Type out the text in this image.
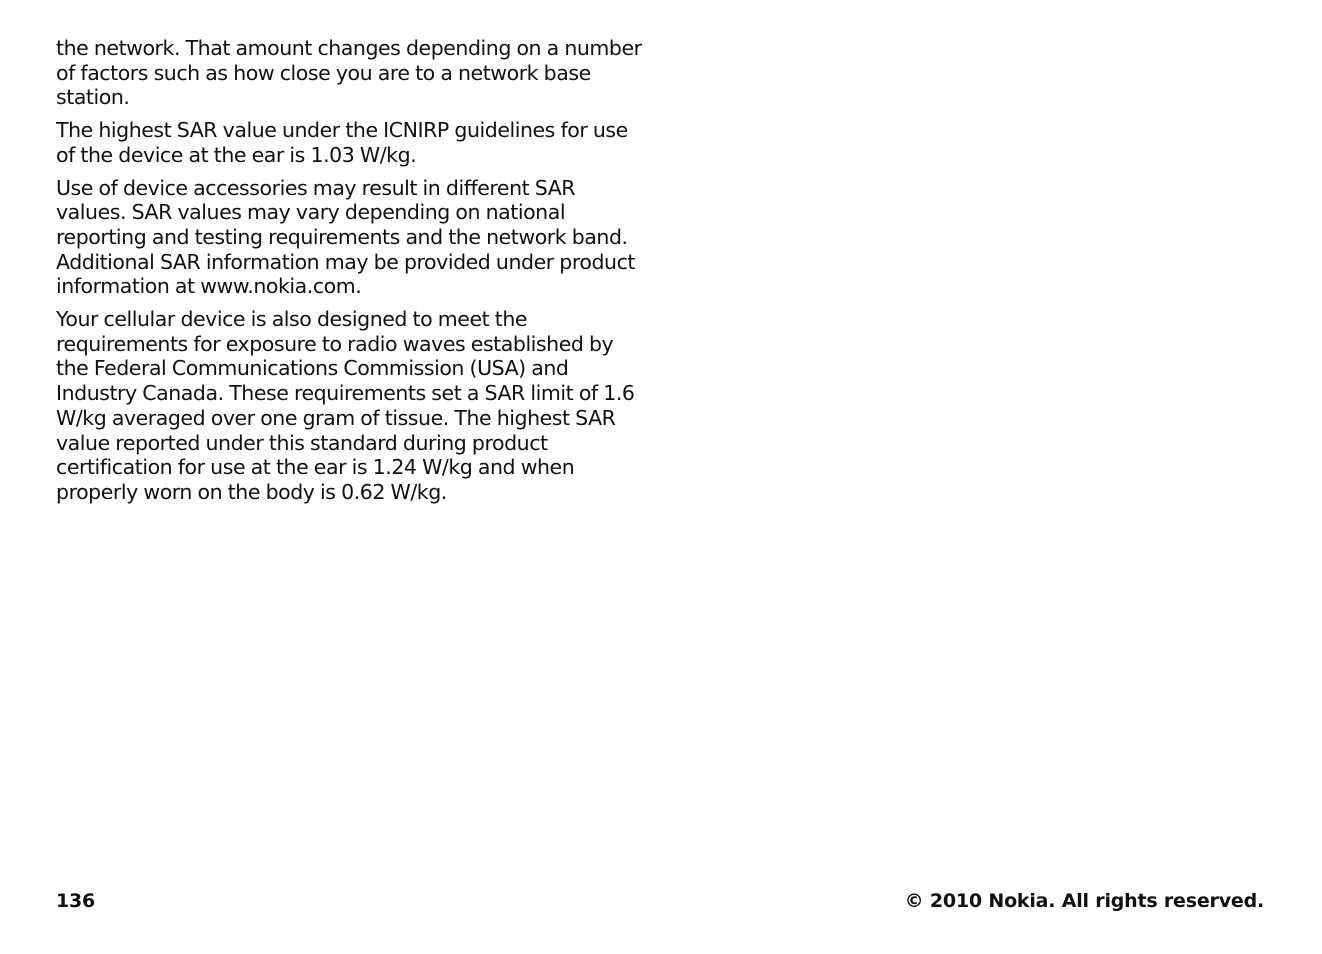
the network. That amount changes depending on a number of factors such as how close you are to a network base station.

The highest SAR value under the ICNIRP guidelines for use of the device at the ear is 1.03 W/kg.

Use of device accessories may result in different SAR values. SAR values may vary depending on national reporting and testing requirements and the network band. Additional SAR information may be provided under product information at www.nokia.com.

Your cellular device is also designed to meet the requirements for exposure to radio waves established by the Federal Communications Commission (USA) and Industry Canada. These requirements set a SAR limit of 1.6 W/kg averaged over one gram of tissue. The highest SAR value reported under this standard during product certification for use at the ear is 1.24 W/kg and when properly worn on the body is 0.62 W/kg.

136	© 2010 Nokia. All rights reserved.
